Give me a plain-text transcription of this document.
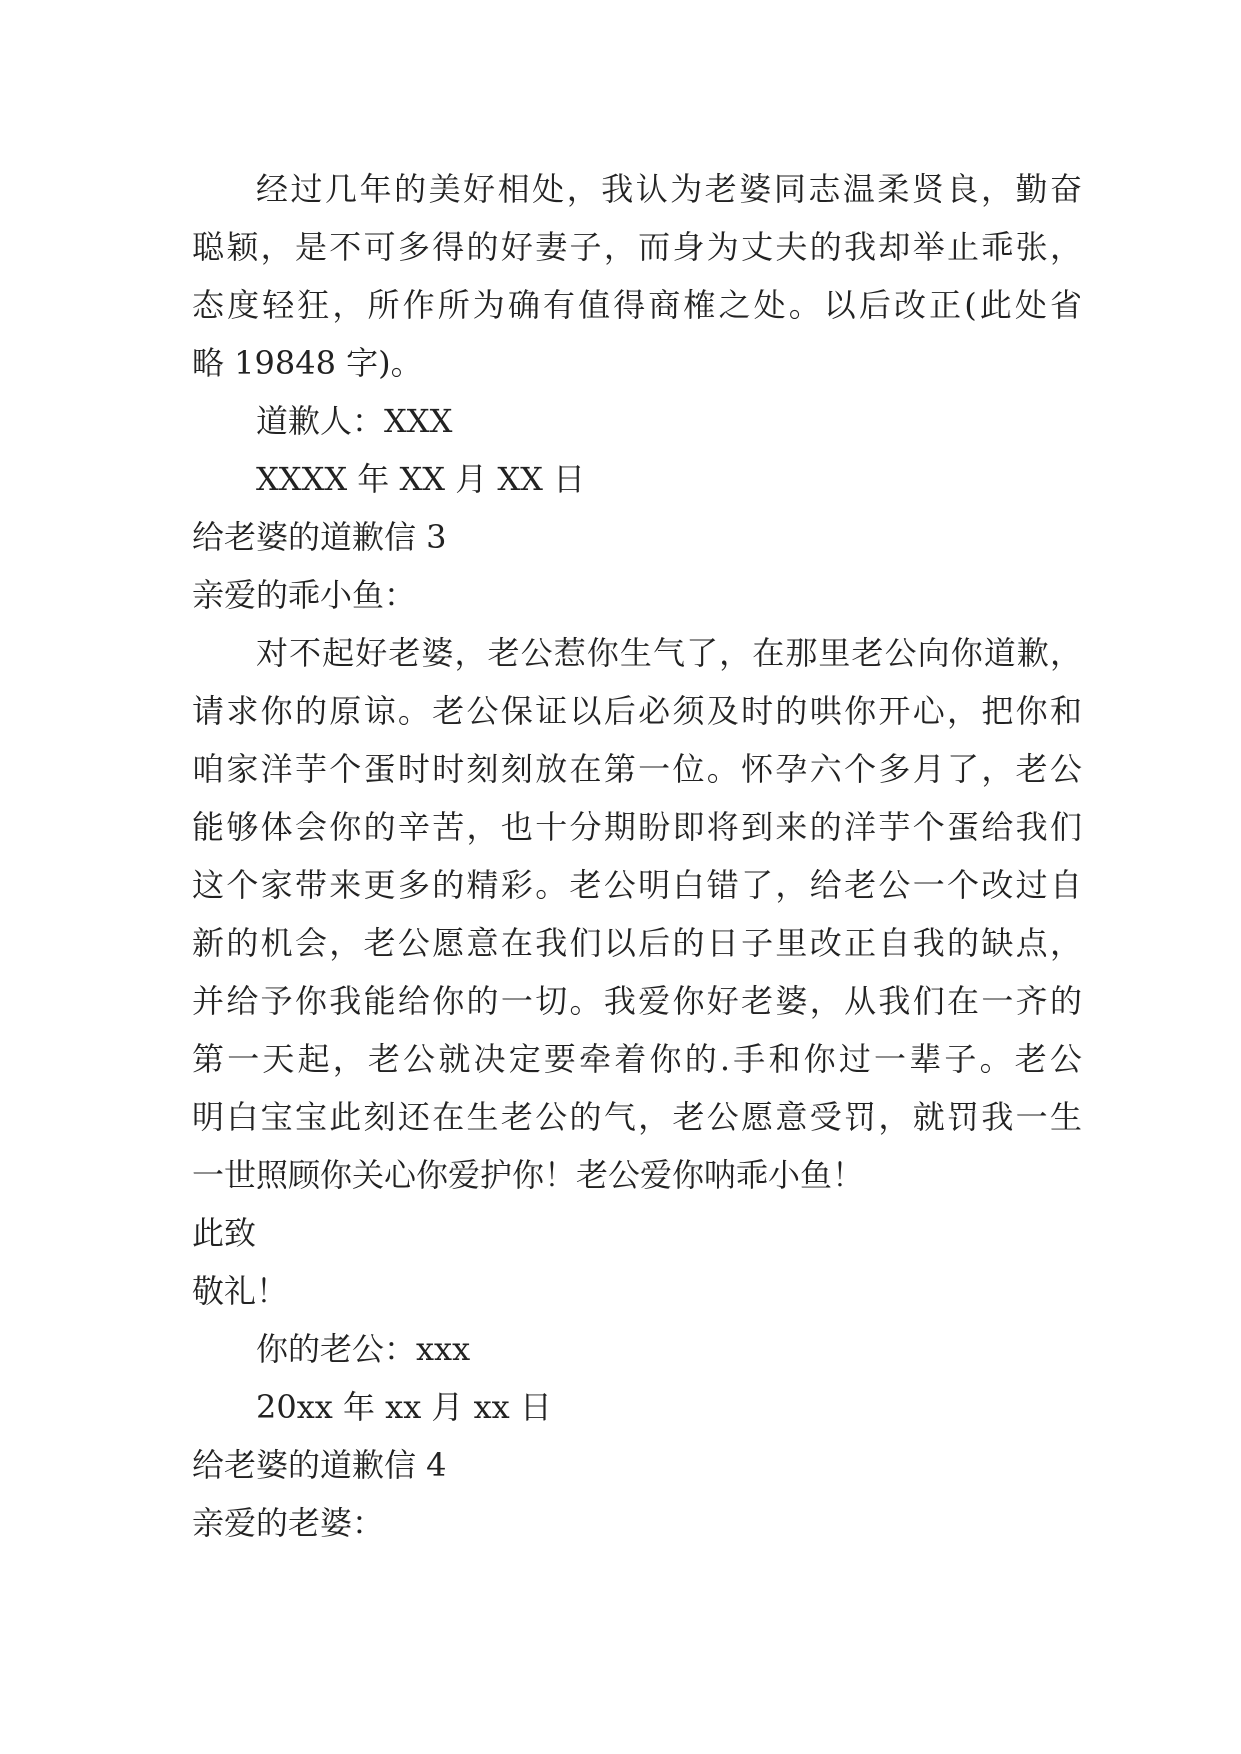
经过几年的美好相处，我认为老婆同志温柔贤良，勤奋
聪颖，是不可多得的好妻子，而身为丈夫的我却举止乖张，
态度轻狂，所作所为确有值得商榷之处。以后改正(此处省
略 19848 字)。
道歉人：XXX
XXXX 年 XX 月 XX 日
给老婆的道歉信 3
亲爱的乖小鱼：
对不起好老婆，老公惹你生气了，在那里老公向你道歉，
请求你的原谅。老公保证以后必须及时的哄你开心，把你和
咱家洋芋个蛋时时刻刻放在第一位。怀孕六个多月了，老公
能够体会你的辛苦，也十分期盼即将到来的洋芋个蛋给我们
这个家带来更多的精彩。老公明白错了，给老公一个改过自
新的机会，老公愿意在我们以后的日子里改正自我的缺点，
并给予你我能给你的一切。我爱你好老婆，从我们在一齐的
第一天起，老公就决定要牵着你的.手和你过一辈子。老公
明白宝宝此刻还在生老公的气，老公愿意受罚，就罚我一生
一世照顾你关心你爱护你！老公爱你呐乖小鱼！
此致
敬礼！
你的老公：xxx
20xx 年 xx 月 xx 日
给老婆的道歉信 4
亲爱的老婆：
